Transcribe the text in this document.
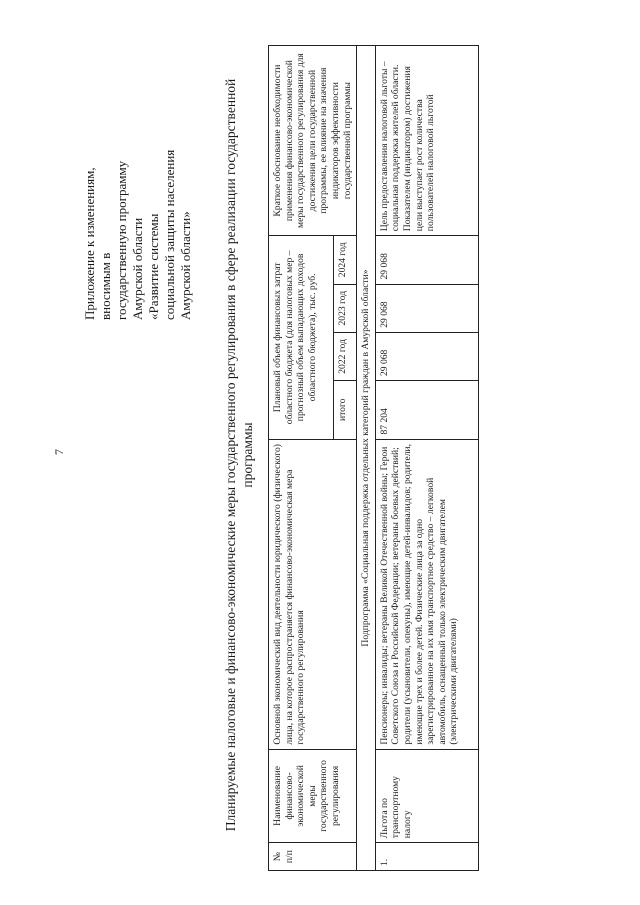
7
Приложение к изменениям,
вносимым в
государственную программу
Амурской области
«Развитие системы
социальной защиты населения
Амурской области» Планируемые налоговые и финансово-экономические меры государственного регулирования в сфере реализации государственной программы
№ п/п	Наименование финансово-экономической меры государственного регулирования	Основной экономический вид деятельности юридического (физического) лица, на которое распространяется финансово-экономическая мера государственного регулирования	Плановый объем финансовых затрат областного бюджета (для налоговых мер – прогнозный объем выпадающих доходов областного бюджета), тыс. руб.				Краткое обоснование необходимости применения финансово-экономической меры государственного регулирования для достижения цели государственной программы, ее влияние на значения индикаторов эффективности государственной программы
			итого	2022 год	2023 год	2024 год	
Подпрограмма «Социальная поддержка отдельных категорий граждан в Амурской области»							
1.	Льгота по транспортному налогу	Пенсионеры; инвалиды; ветераны Великой Отечественной войны; Герои Советского Союза и Российской Федерации; ветераны боевых действий; родители (усыновители, опекуны), имеющие детей-инвалидов; родители, имеющие трех и более детей. Физические лица за одно зарегистрированное на их имя транспортное средство – легковой автомобиль, оснащенный только электрическим двигателем (электрическими двигателями)	87 204	29 068	29 068	29 068	Цель предоставления налоговой льготы – социальная поддержка жителей области. Показателем (индикатором) достижения цели выступает рост количества пользователей налоговой льготой
